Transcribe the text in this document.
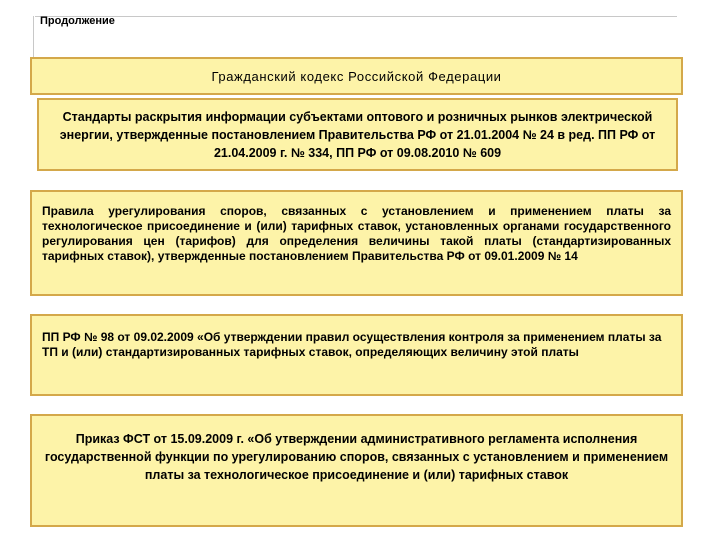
Продолжение
Гражданский кодекс Российской Федерации
Стандарты раскрытия информации субъектами оптового и розничных рынков электрической энергии, утвержденные постановлением Правительства РФ от 21.01.2004 № 24 в ред. ПП РФ от 21.04.2009 г. № 334, ПП РФ от 09.08.2010 № 609
Правила урегулирования споров, связанных с установлением и применением платы за технологическое присоединение и (или) тарифных ставок, установленных органами государственного регулирования цен (тарифов) для определения величины такой платы (стандартизированных тарифных ставок), утвержденные постановлением Правительства РФ от 09.01.2009 № 14
ПП РФ № 98 от 09.02.2009 «Об утверждении правил осуществления контроля за применением платы за ТП и (или) стандартизированных тарифных ставок, определяющих величину этой платы
Приказ ФСТ от 15.09.2009 г. «Об утверждении административного регламента исполнения государственной функции по урегулированию споров, связанных с установлением и применением платы за технологическое присоединение и (или) тарифных ставок
